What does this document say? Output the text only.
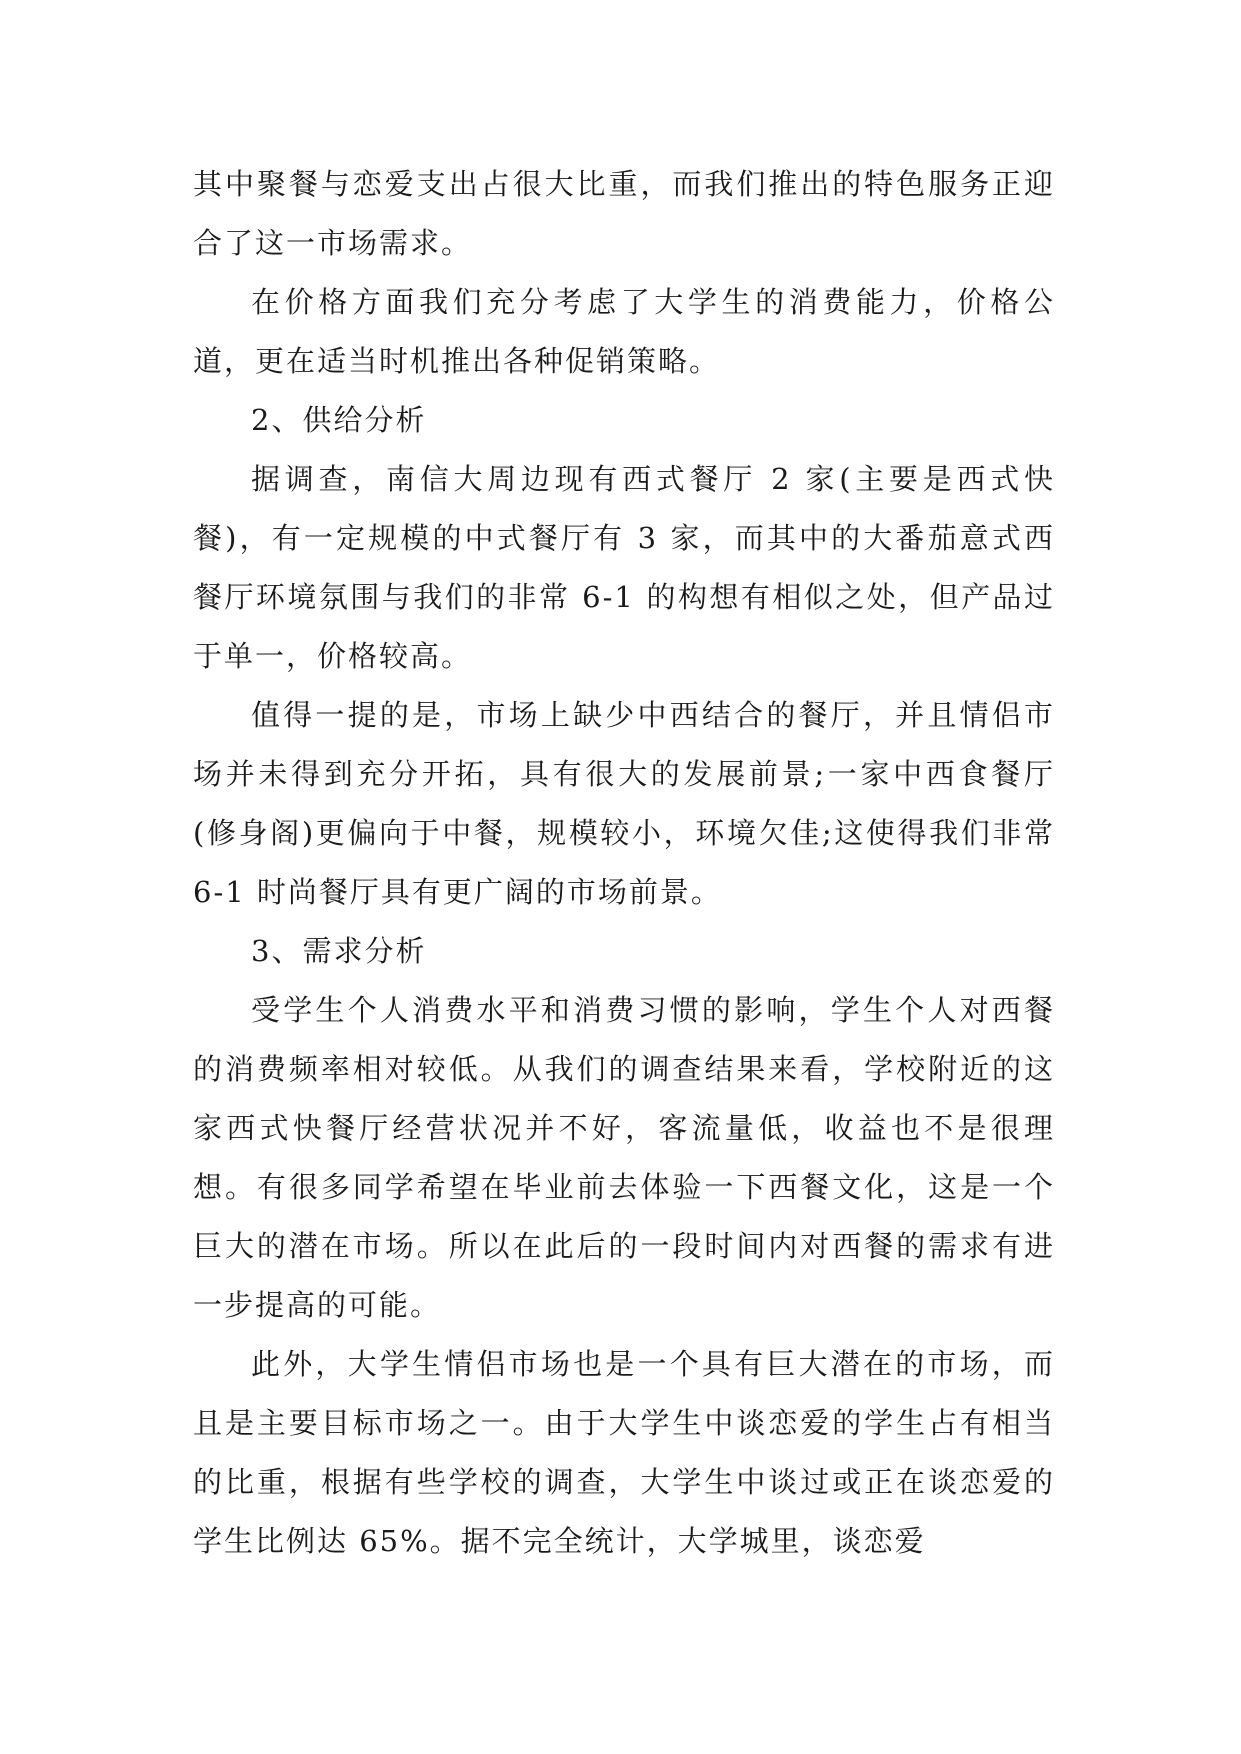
其中聚餐与恋爱支出占很大比重，而我们推出的特色服务正迎合了这一市场需求。

在价格方面我们充分考虑了大学生的消费能力，价格公道，更在适当时机推出各种促销策略。

2、供给分析

据调查，南信大周边现有西式餐厅 2 家(主要是西式快餐)，有一定规模的中式餐厅有 3 家，而其中的大番茄意式西餐厅环境氛围与我们的非常 6-1 的构想有相似之处，但产品过于单一，价格较高。

值得一提的是，市场上缺少中西结合的餐厅，并且情侣市场并未得到充分开拓，具有很大的发展前景;一家中西食餐厅(修身阁)更偏向于中餐，规模较小，环境欠佳;这使得我们非常 6-1 时尚餐厅具有更广阔的市场前景。

3、需求分析

受学生个人消费水平和消费习惯的影响，学生个人对西餐的消费频率相对较低。从我们的调查结果来看，学校附近的这家西式快餐厅经营状况并不好，客流量低，收益也不是很理想。有很多同学希望在毕业前去体验一下西餐文化，这是一个巨大的潜在市场。所以在此后的一段时间内对西餐的需求有进一步提高的可能。

此外，大学生情侣市场也是一个具有巨大潜在的市场，而且是主要目标市场之一。由于大学生中谈恋爱的学生占有相当的比重，根据有些学校的调查，大学生中谈过或正在谈恋爱的学生比例达 65%。据不完全统计，大学城里，谈恋爱
